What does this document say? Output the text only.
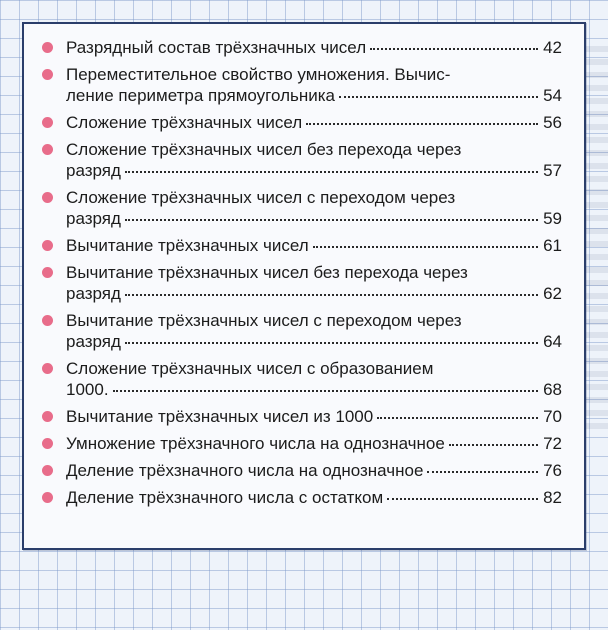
Разрядный состав трёхзначных чисел	42
Переместительное свойство умножения. Вычис-
ление периметра прямоугольника	54
Сложение трёхзначных чисел	56
Сложение трёхзначных чисел без перехода через
разряд	57
Сложение трёхзначных чисел с переходом через
разряд	59
Вычитание трёхзначных чисел	61
Вычитание трёхзначных чисел без перехода через
разряд	62
Вычитание трёхзначных чисел с переходом через
разряд	64
Сложение трёхзначных чисел с образованием
1000.	68
Вычитание трёхзначных чисел из 1000	70
Умножение трёхзначного числа на однозначное	72
Деление трёхзначного числа на однозначное	76
Деление трёхзначного числа с остатком	82
